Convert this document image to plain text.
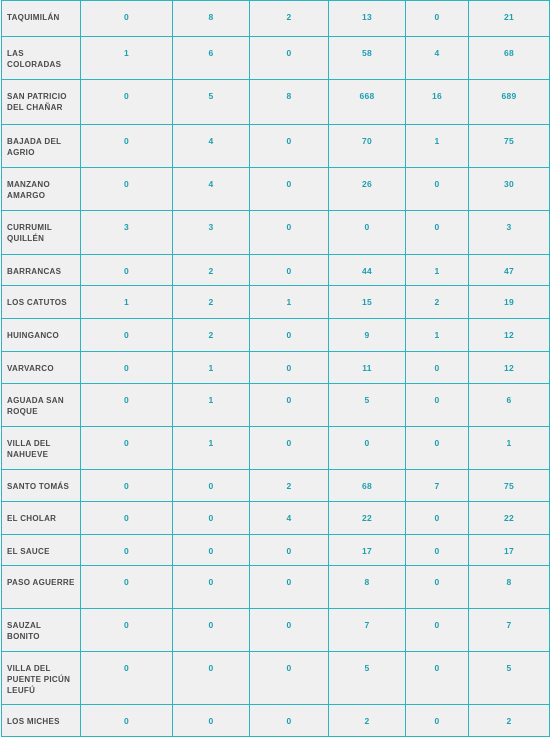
TAQUIMILÁN	0	8	2	13	0	21
LAS COLORADAS	1	6	0	58	4	68
SAN PATRICIO DEL CHAÑAR	0	5	8	668	16	689
BAJADA DEL AGRIO	0	4	0	70	1	75
MANZANO AMARGO	0	4	0	26	0	30
CURRUMIL QUILLÉN	3	3	0	0	0	3
BARRANCAS	0	2	0	44	1	47
LOS CATUTOS	1	2	1	15	2	19
HUINGANCO	0	2	0	9	1	12
VARVARCO	0	1	0	11	0	12
AGUADA SAN ROQUE	0	1	0	5	0	6
VILLA DEL NAHUEVE	0	1	0	0	0	1
SANTO TOMÁS	0	0	2	68	7	75
EL CHOLAR	0	0	4	22	0	22
EL SAUCE	0	0	0	17	0	17
PASO AGUERRE	0	0	0	8	0	8
SAUZAL BONITO	0	0	0	7	0	7
VILLA DEL PUENTE PICÚN LEUFÚ	0	0	0	5	0	5
LOS MICHES	0	0	0	2	0	2
